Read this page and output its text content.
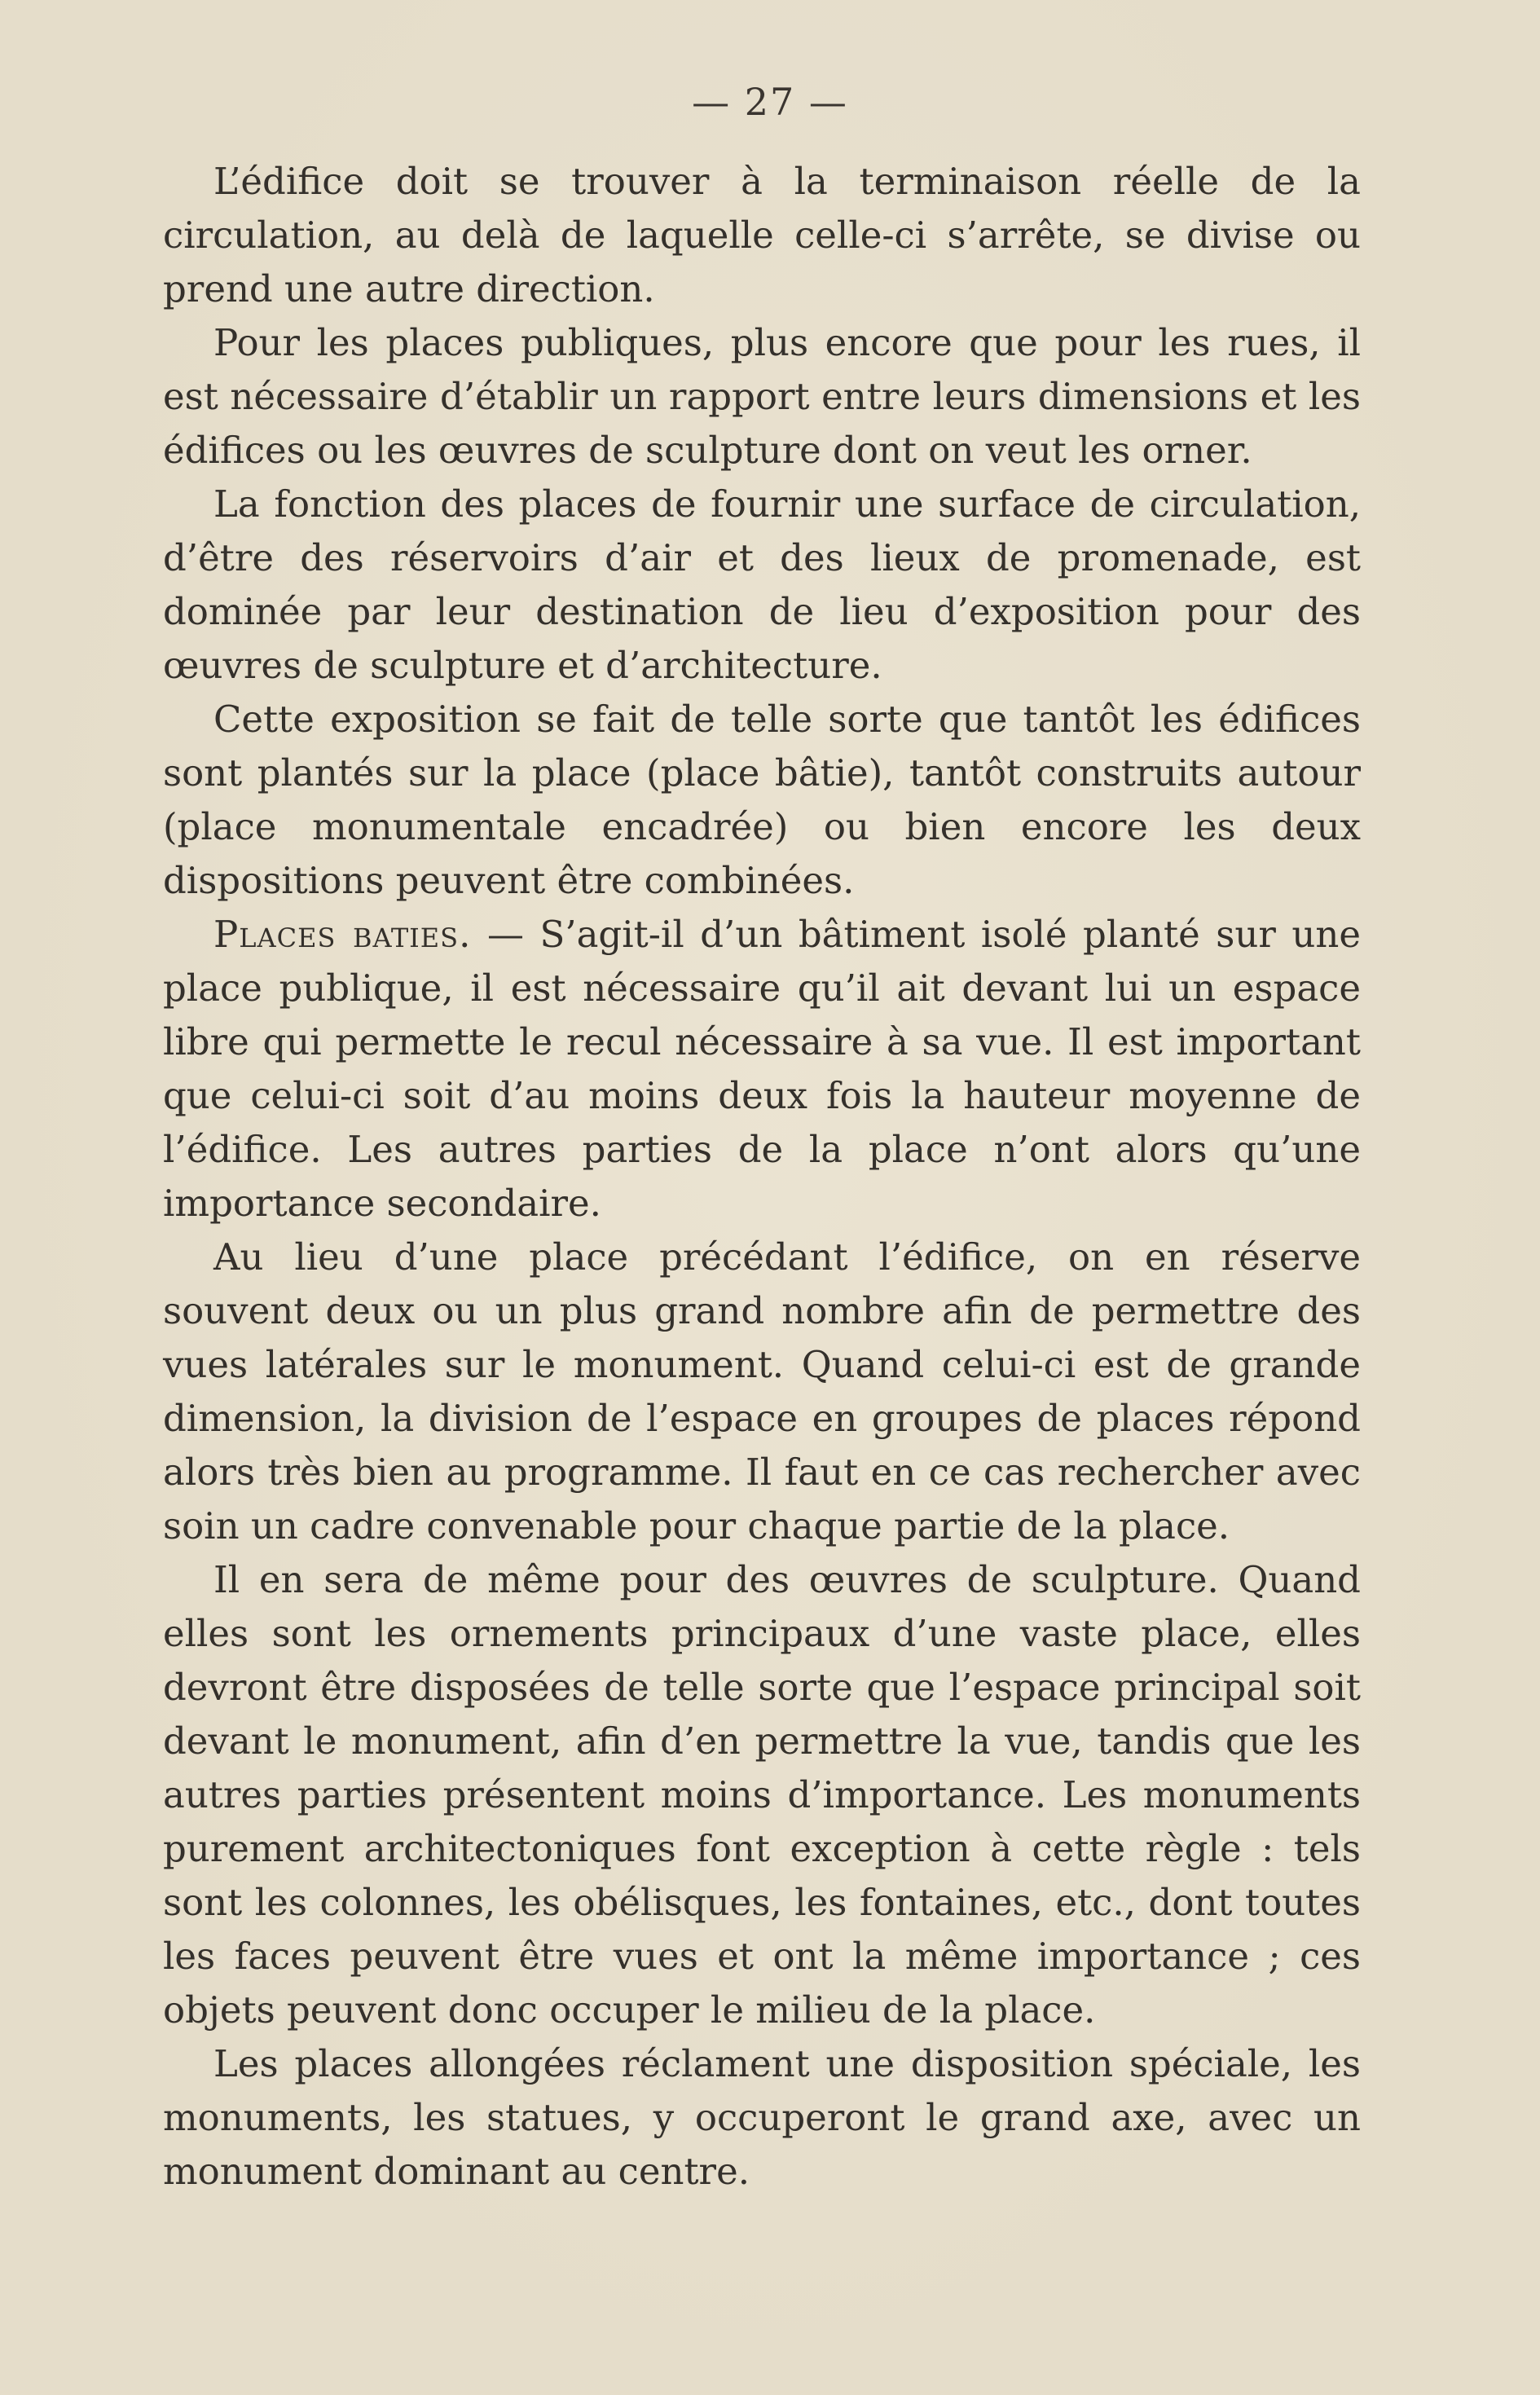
— 27 —

L’édifice doit se trouver à la terminaison réelle de la circulation, au delà de laquelle celle-ci s’arrête, se divise ou prend une autre direction.

Pour les places publiques, plus encore que pour les rues, il est nécessaire d’établir un rapport entre leurs dimensions et les édifices ou les œuvres de sculpture dont on veut les orner.

La fonction des places de fournir une surface de circulation, d’être des réservoirs d’air et des lieux de promenade, est dominée par leur destination de lieu d’exposition pour des œuvres de sculpture et d’architecture.

Cette exposition se fait de telle sorte que tantôt les édifices sont plantés sur la place (place bâtie), tantôt construits autour (place monumentale encadrée) ou bien encore les deux dispositions peuvent être combinées.

Places baties. — S’agit-il d’un bâtiment isolé planté sur une place publique, il est nécessaire qu’il ait devant lui un espace libre qui permette le recul nécessaire à sa vue. Il est important que celui-ci soit d’au moins deux fois la hauteur moyenne de l’édifice. Les autres parties de la place n’ont alors qu’une importance secondaire.

Au lieu d’une place précédant l’édifice, on en réserve souvent deux ou un plus grand nombre afin de permettre des vues latérales sur le monument. Quand celui-ci est de grande dimension, la division de l’espace en groupes de places répond alors très bien au programme. Il faut en ce cas rechercher avec soin un cadre convenable pour chaque partie de la place.

Il en sera de même pour des œuvres de sculpture. Quand elles sont les ornements principaux d’une vaste place, elles devront être disposées de telle sorte que l’espace principal soit devant le monument, afin d’en permettre la vue, tandis que les autres parties présentent moins d’importance. Les monuments purement architectoniques font exception à cette règle : tels sont les colonnes, les obélisques, les fontaines, etc., dont toutes les faces peuvent être vues et ont la même importance ; ces objets peuvent donc occuper le milieu de la place.

Les places allongées réclament une disposition spéciale, les monuments, les statues, y occuperont le grand axe, avec un monument dominant au centre.
